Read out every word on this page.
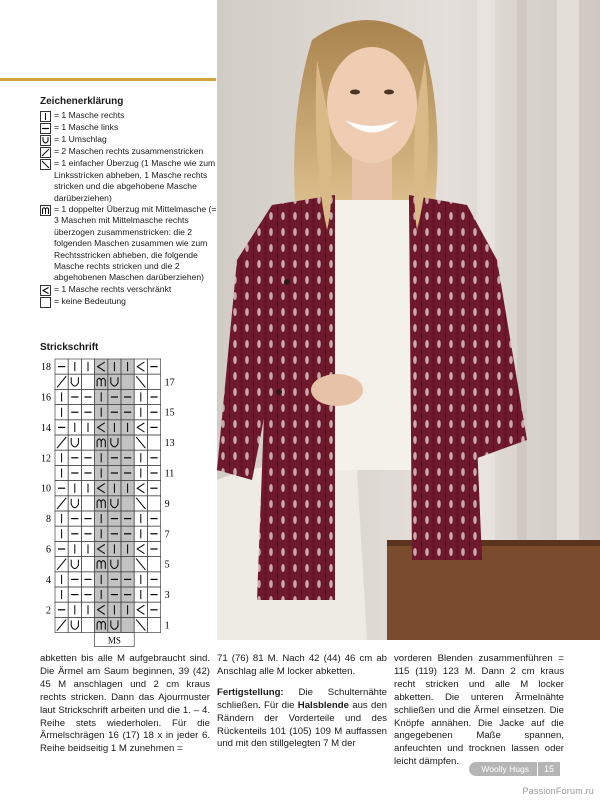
Zeichenerklärung
= 1 Masche rechts
= 1 Masche links
= 1 Umschlag
= 2 Maschen rechts zusammenstricken
= 1 einfacher Überzug (1 Masche wie zum Linksstricken abheben, 1 Masche rechts stricken und die abgehobene Masche darüberziehen)
= 1 doppelter Überzug mit Mittelmasche (= 3 Maschen mit Mittelmasche rechts überzogen zusammenstricken: die 2 folgenden Maschen zusammen wie zum Rechtsstricken abheben, die folgende Masche rechts stricken und die 2 abgehobenen Maschen darüberziehen)
= 1 Masche rechts verschränkt
= keine Bedeutung
Strickschrift
MS
18
16
14
12
10
8
6
4
2
17
15
13
11
9
7
5
3
1

abketten bis alle M aufgebraucht sind. Die Ärmel am Saum beginnen, 39 (42) 45 M anschlagen und 2 cm kraus rechts stricken. Dann das Ajourmuster laut Strickschrift arbeiten und die 1. – 4. Reihe stets wiederholen. Für die Ärmelschrägen 16 (17) 18 x in jeder 6. Reihe beidseitig 1 M zunehmen =

71 (76) 81 M. Nach 42 (44) 46 cm ab Anschlag alle M locker abketten.

Fertigstellung: Die Schulternähte schließen. Für die Halsblende aus den Rändern der Vorderteile und des Rückenteils 101 (105) 109 M auffassen und mit den stillgelegten 7 M der

vorderen Blenden zusammenführen = 115 (119) 123 M. Dann 2 cm kraus recht stricken und alle M locker abketten. Die unteren Ärmelnähte schließen und die Ärmel einsetzen. Die Knöpfe annähen. Die Jacke auf die angegebenen Maße spannen, anfeuchten und trocknen lassen oder leicht dämpfen.

Woolly Hugs	15
PassionForum.ru
